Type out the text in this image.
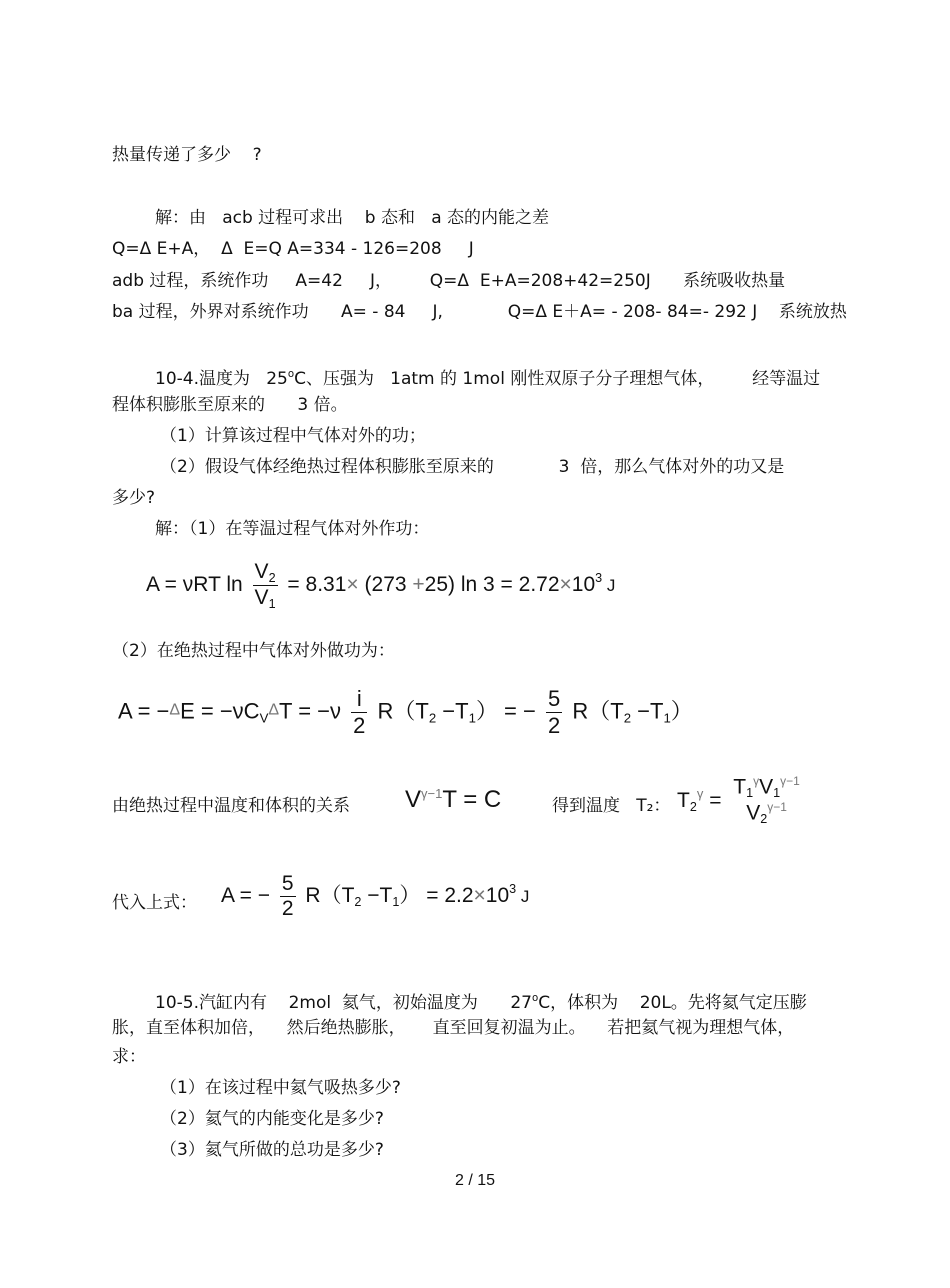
热量传递了多少    ?
解：由   acb 过程可求出    b 态和   a 态的内能之差
Q=Δ E+A，  Δ  E=Q A=334 - 126=208     J
adb 过程，系统作功     A=42     J，       Q=Δ  E+A=208+42=250J      系统吸收热量
ba 过程，外界对系统作功      A= - 84     J,            Q=Δ E＋A= - 208- 84=- 292 J    系统放热
10-4.温度为   25$^o$C、压强为   1atm 的 1mol 刚性双原子分子理想气体，       经等温过
程体积膨胀至原来的      3 倍。
（1）计算该过程中气体对外的功；
（2）假设气体经绝热过程体积膨胀至原来的            3  倍，那么气体对外的功又是
多少?
解：（1）在等温过程气体对外作功：
A = νRT $\ln \frac{V_2}{V_1} = 8.31\times (273 +25)$ $\ln 3 = 2.72\times 10^3$ J
（2）在绝热过程中气体对外做功为：
$A = -\Delta E = -\nu C_V\Delta T = -\nu \frac{i}{2} R(T_2 -T_1)$ = − $\frac{5}{2} R(T_2 -T_1)$
由绝热过程中温度和体积的关系 $V^{\gamma-1}T = C$	得到温度   T₂： $T_2^\gamma$ =
$T_1^\gamma V_1^{\gamma-1}$
$V_2^{\gamma-1}$
代入上式： A = − $\frac{5}{2} R(T_2 -T_1) = 2.2\times 10^3$ J
10-5.汽缸内有    2mol  氦气，初始温度为      27$^o$C，体积为    20L。先将氦气定压膨
胀，直至体积加倍，    然后绝热膨胀，     直至回复初温为止。    若把氦气视为理想气体，
求：
（1）在该过程中氦气吸热多少?
（2）氦气的内能变化是多少?
（3）氦气所做的总功是多少?
2 / 15
